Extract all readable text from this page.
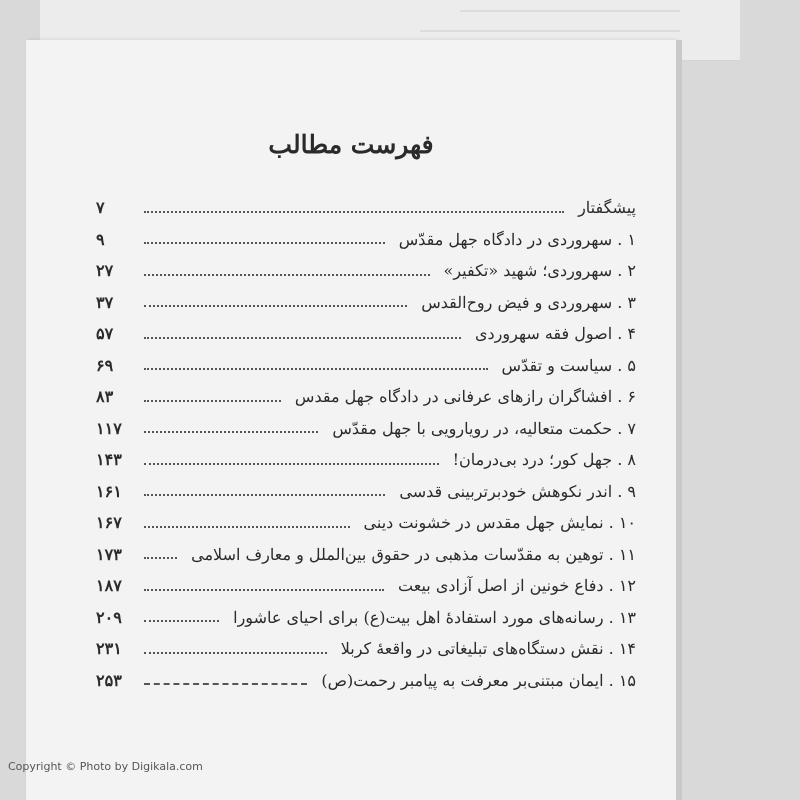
فهرست مطالب
پیشگفتار
۷
۱ . سهروردی در دادگاه جهل مقدّس
۹
۲ . سهروردی؛ شهید «تکفیر»
۲۷
۳ . سهروردی و فیض روح‌القدس
۳۷
۴ . اصول فقه سهروردی
۵۷
۵ . سیاست و تقدّس
۶۹
۶ . افشاگران رازهای عرفانی در دادگاه جهل مقدس
۸۳
۷ . حکمت متعالیه، در رویارویی با جهل مقدّس
۱۱۷
۸ . جهل کور؛ درد بی‌درمان!
۱۴۳
۹ . اندر نکوهش خودبرتربینی قدسی
۱۶۱
۱۰ . نمایش جهل مقدس در خشونت دینی
۱۶۷
۱۱ . توهین به مقدّسات مذهبی در حقوق بین‌الملل و معارف اسلامی
۱۷۳
۱۲ . دفاع خونین از اصل آزادی بیعت
۱۸۷
۱۳ . رسانه‌های مورد استفادهٔ اهل بیت(ع) برای احیای عاشورا
۲۰۹
۱۴ . نقش دستگاه‌های تبلیغاتی در واقعهٔ کربلا
۲۳۱
۱۵ . ایمان مبتنی‌بر معرفت به پیامبر رحمت(ص)
۲۵۳
Copyright © Photo by Digikala.com
